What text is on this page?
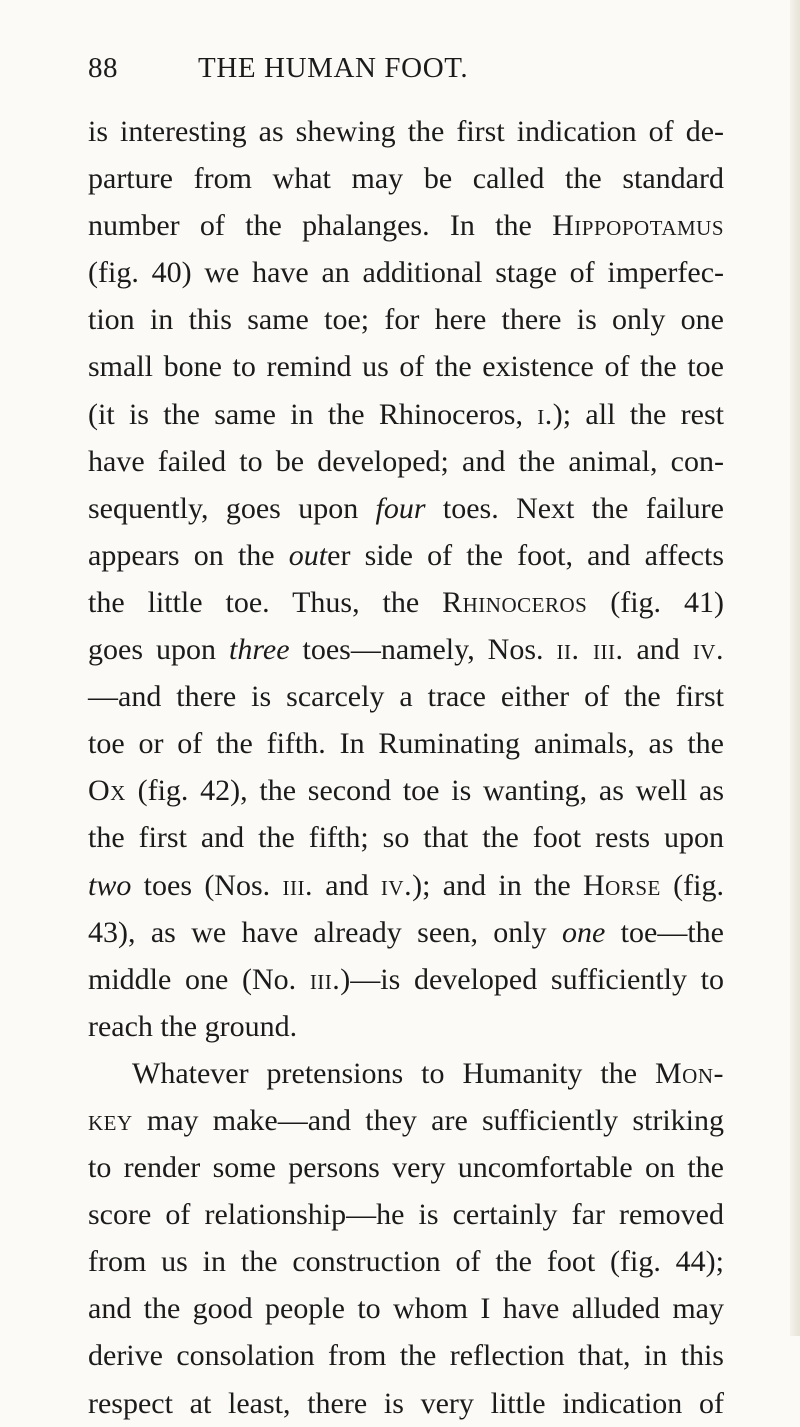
88	THE HUMAN FOOT.
is interesting as shewing the first indication of de-
parture from what may be called the standard
number of the phalanges. In the Hippopotamus
(fig. 40) we have an additional stage of imperfec-
tion in this same toe; for here there is only one
small bone to remind us of the existence of the toe
(it is the same in the Rhinoceros, i.); all the rest
have failed to be developed; and the animal, con-
sequently, goes upon four toes. Next the failure
appears on the outer side of the foot, and affects
the little toe. Thus, the Rhinoceros (fig. 41)
goes upon three toes—namely, Nos. ii. iii. and iv.
—and there is scarcely a trace either of the first
toe or of the fifth. In Ruminating animals, as the
Ox (fig. 42), the second toe is wanting, as well as
the first and the fifth; so that the foot rests upon
two toes (Nos. iii. and iv.); and in the Horse (fig.
43), as we have already seen, only one toe—the
middle one (No. iii.)—is developed sufficiently to
reach the ground.
Whatever pretensions to Humanity the Mon-
key may make—and they are sufficiently striking
to render some persons very uncomfortable on the
score of relationship—he is certainly far removed
from us in the construction of the foot (fig. 44);
and the good people to whom I have alluded may
derive consolation from the reflection that, in this
respect at least, there is very little indication of
